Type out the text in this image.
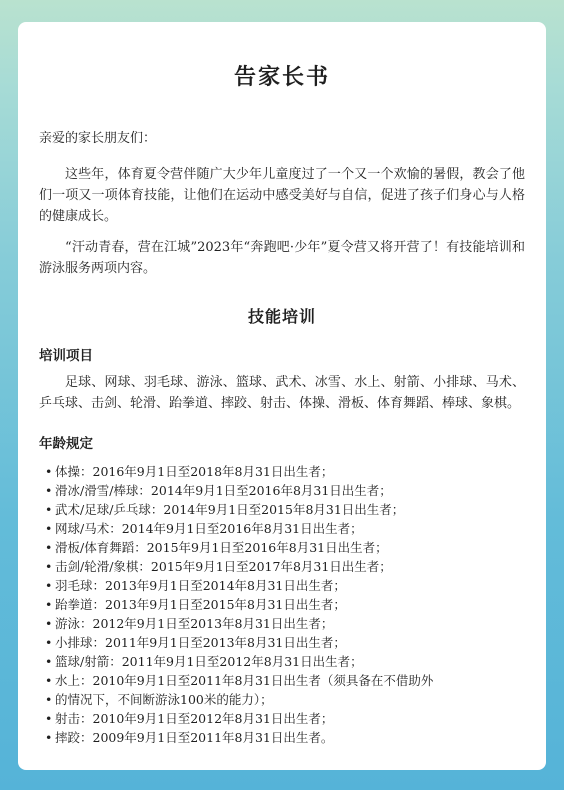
告家长书

亲爱的家长朋友们：

这些年，体育夏令营伴随广大少年儿童度过了一个又一个欢愉的暑假，教会了他们一项又一项体育技能，让他们在运动中感受美好与自信，促进了孩子们身心与人格的健康成长。

“汗动青春，营在江城”2023年“奔跑吧·少年”夏令营又将开营了！有技能培训和游泳服务两项内容。

技能培训
培训项目

足球、网球、羽毛球、游泳、篮球、武术、冰雪、水上、射箭、小排球、马术、乒乓球、击剑、轮滑、跆拳道、摔跤、射击、体操、滑板、体育舞蹈、棒球、象棋。

年龄规定
• 体操：2016年9月1日至2018年8月31日出生者；
• 滑冰/滑雪/棒球：2014年9月1日至2016年8月31日出生者；
• 武术/足球/乒乓球：2014年9月1日至2015年8月31日出生者；
• 网球/马术：2014年9月1日至2016年8月31日出生者；
• 滑板/体育舞蹈：2015年9月1日至2016年8月31日出生者；
• 击剑/轮滑/象棋：2015年9月1日至2017年8月31日出生者；
• 羽毛球：2013年9月1日至2014年8月31日出生者；
• 跆拳道：2013年9月1日至2015年8月31日出生者；
• 游泳：2012年9月1日至2013年8月31日出生者；
• 小排球：2011年9月1日至2013年8月31日出生者；
• 篮球/射箭：2011年9月1日至2012年8月31日出生者；
• 水上：2010年9月1日至2011年8月31日出生者（须具备在不借助外
• 的情况下，不间断游泳100米的能力）；
• 射击：2010年9月1日至2012年8月31日出生者；
• 摔跤：2009年9月1日至2011年8月31日出生者。
